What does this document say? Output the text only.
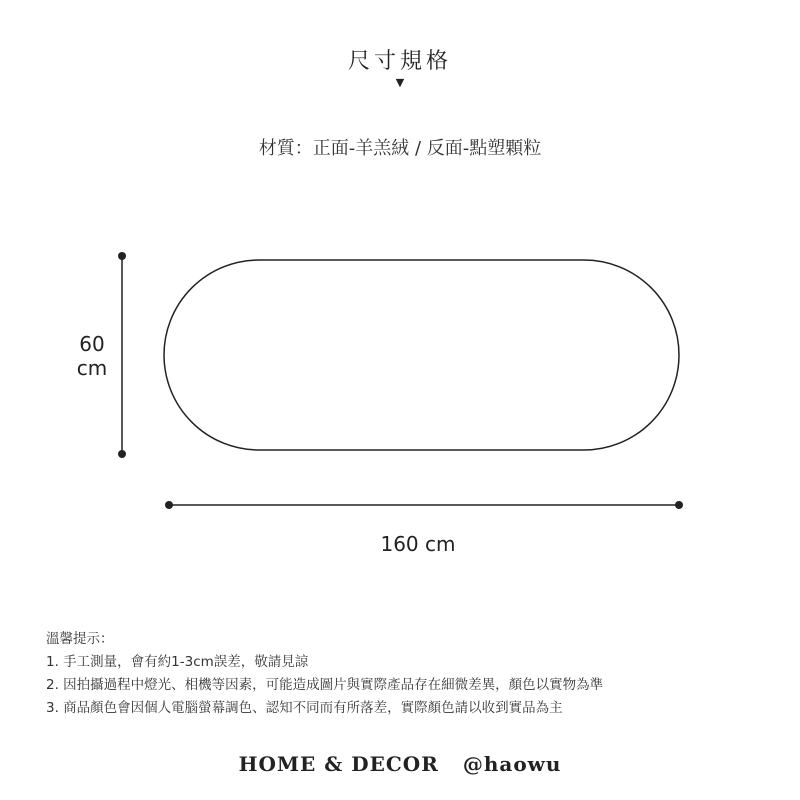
尺寸規格
▼
材質：正面-羊羔絨 / 反面-點塑顆粒
60
cm
160 cm
溫馨提示：
1. 手工測量，會有約1-3cm誤差，敬請見諒
2. 因拍攝過程中燈光、相機等因素，可能造成圖片與實際產品存在細微差異，顏色以實物為準
3. 商品顏色會因個人電腦螢幕調色、認知不同而有所落差，實際顏色請以收到實品為主
HOME & DECOR @haowu
